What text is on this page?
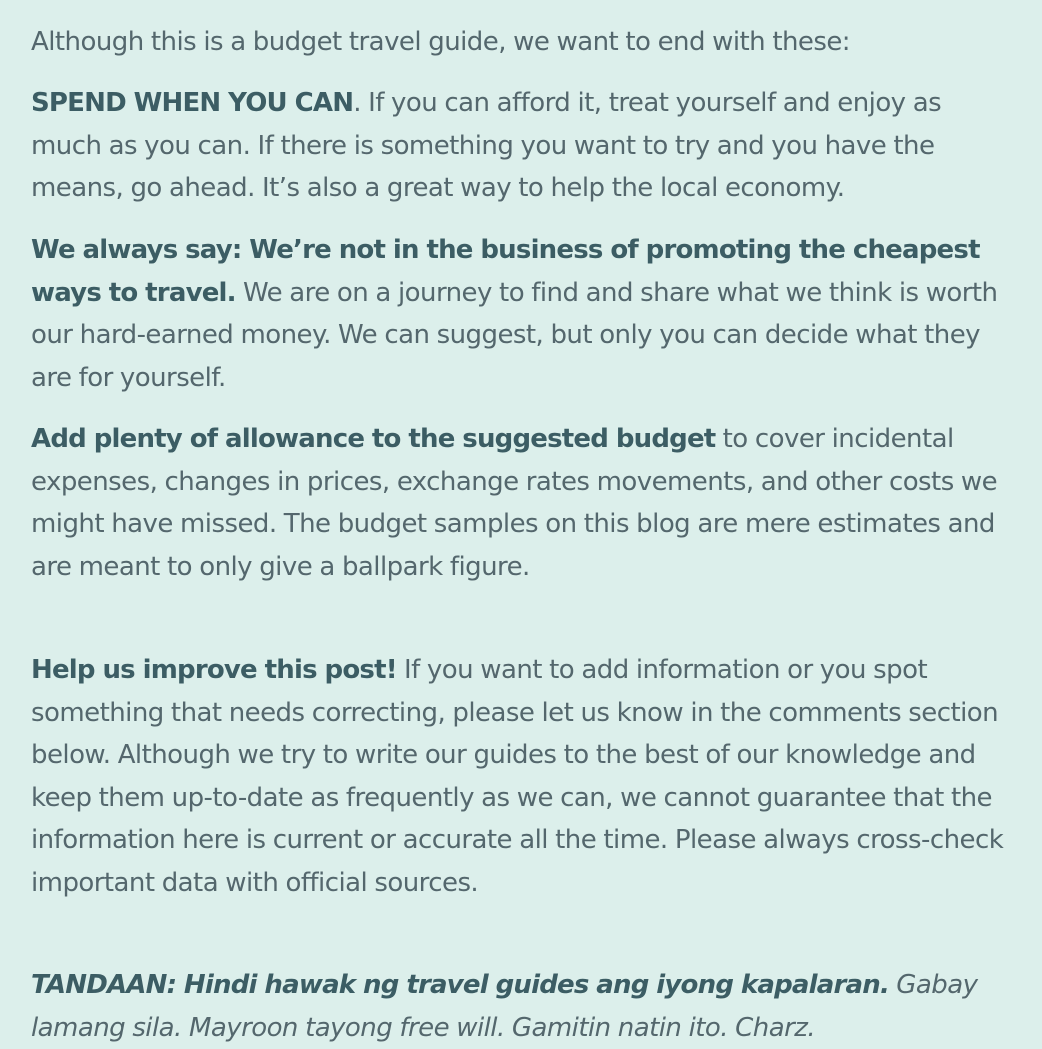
Although this is a budget travel guide, we want to end with these:

SPEND WHEN YOU CAN. If you can afford it, treat yourself and enjoy as much as you can. If there is something you want to try and you have the means, go ahead. It’s also a great way to help the local economy.

We always say: We’re not in the business of promoting the cheapest ways to travel. We are on a journey to find and share what we think is worth our hard-earned money. We can suggest, but only you can decide what they are for yourself.

Add plenty of allowance to the suggested budget to cover incidental expenses, changes in prices, exchange rates movements, and other costs we might have missed. The budget samples on this blog are mere estimates and are meant to only give a ballpark figure.

Help us improve this post! If you want to add information or you spot something that needs correcting, please let us know in the comments section below. Although we try to write our guides to the best of our knowledge and keep them up-to-date as frequently as we can, we cannot guarantee that the information here is current or accurate all the time. Please always cross-check important data with official sources.

TANDAAN: Hindi hawak ng travel guides ang iyong kapalaran. Gabay lamang sila. Mayroon tayong free will. Gamitin natin ito. Charz.
